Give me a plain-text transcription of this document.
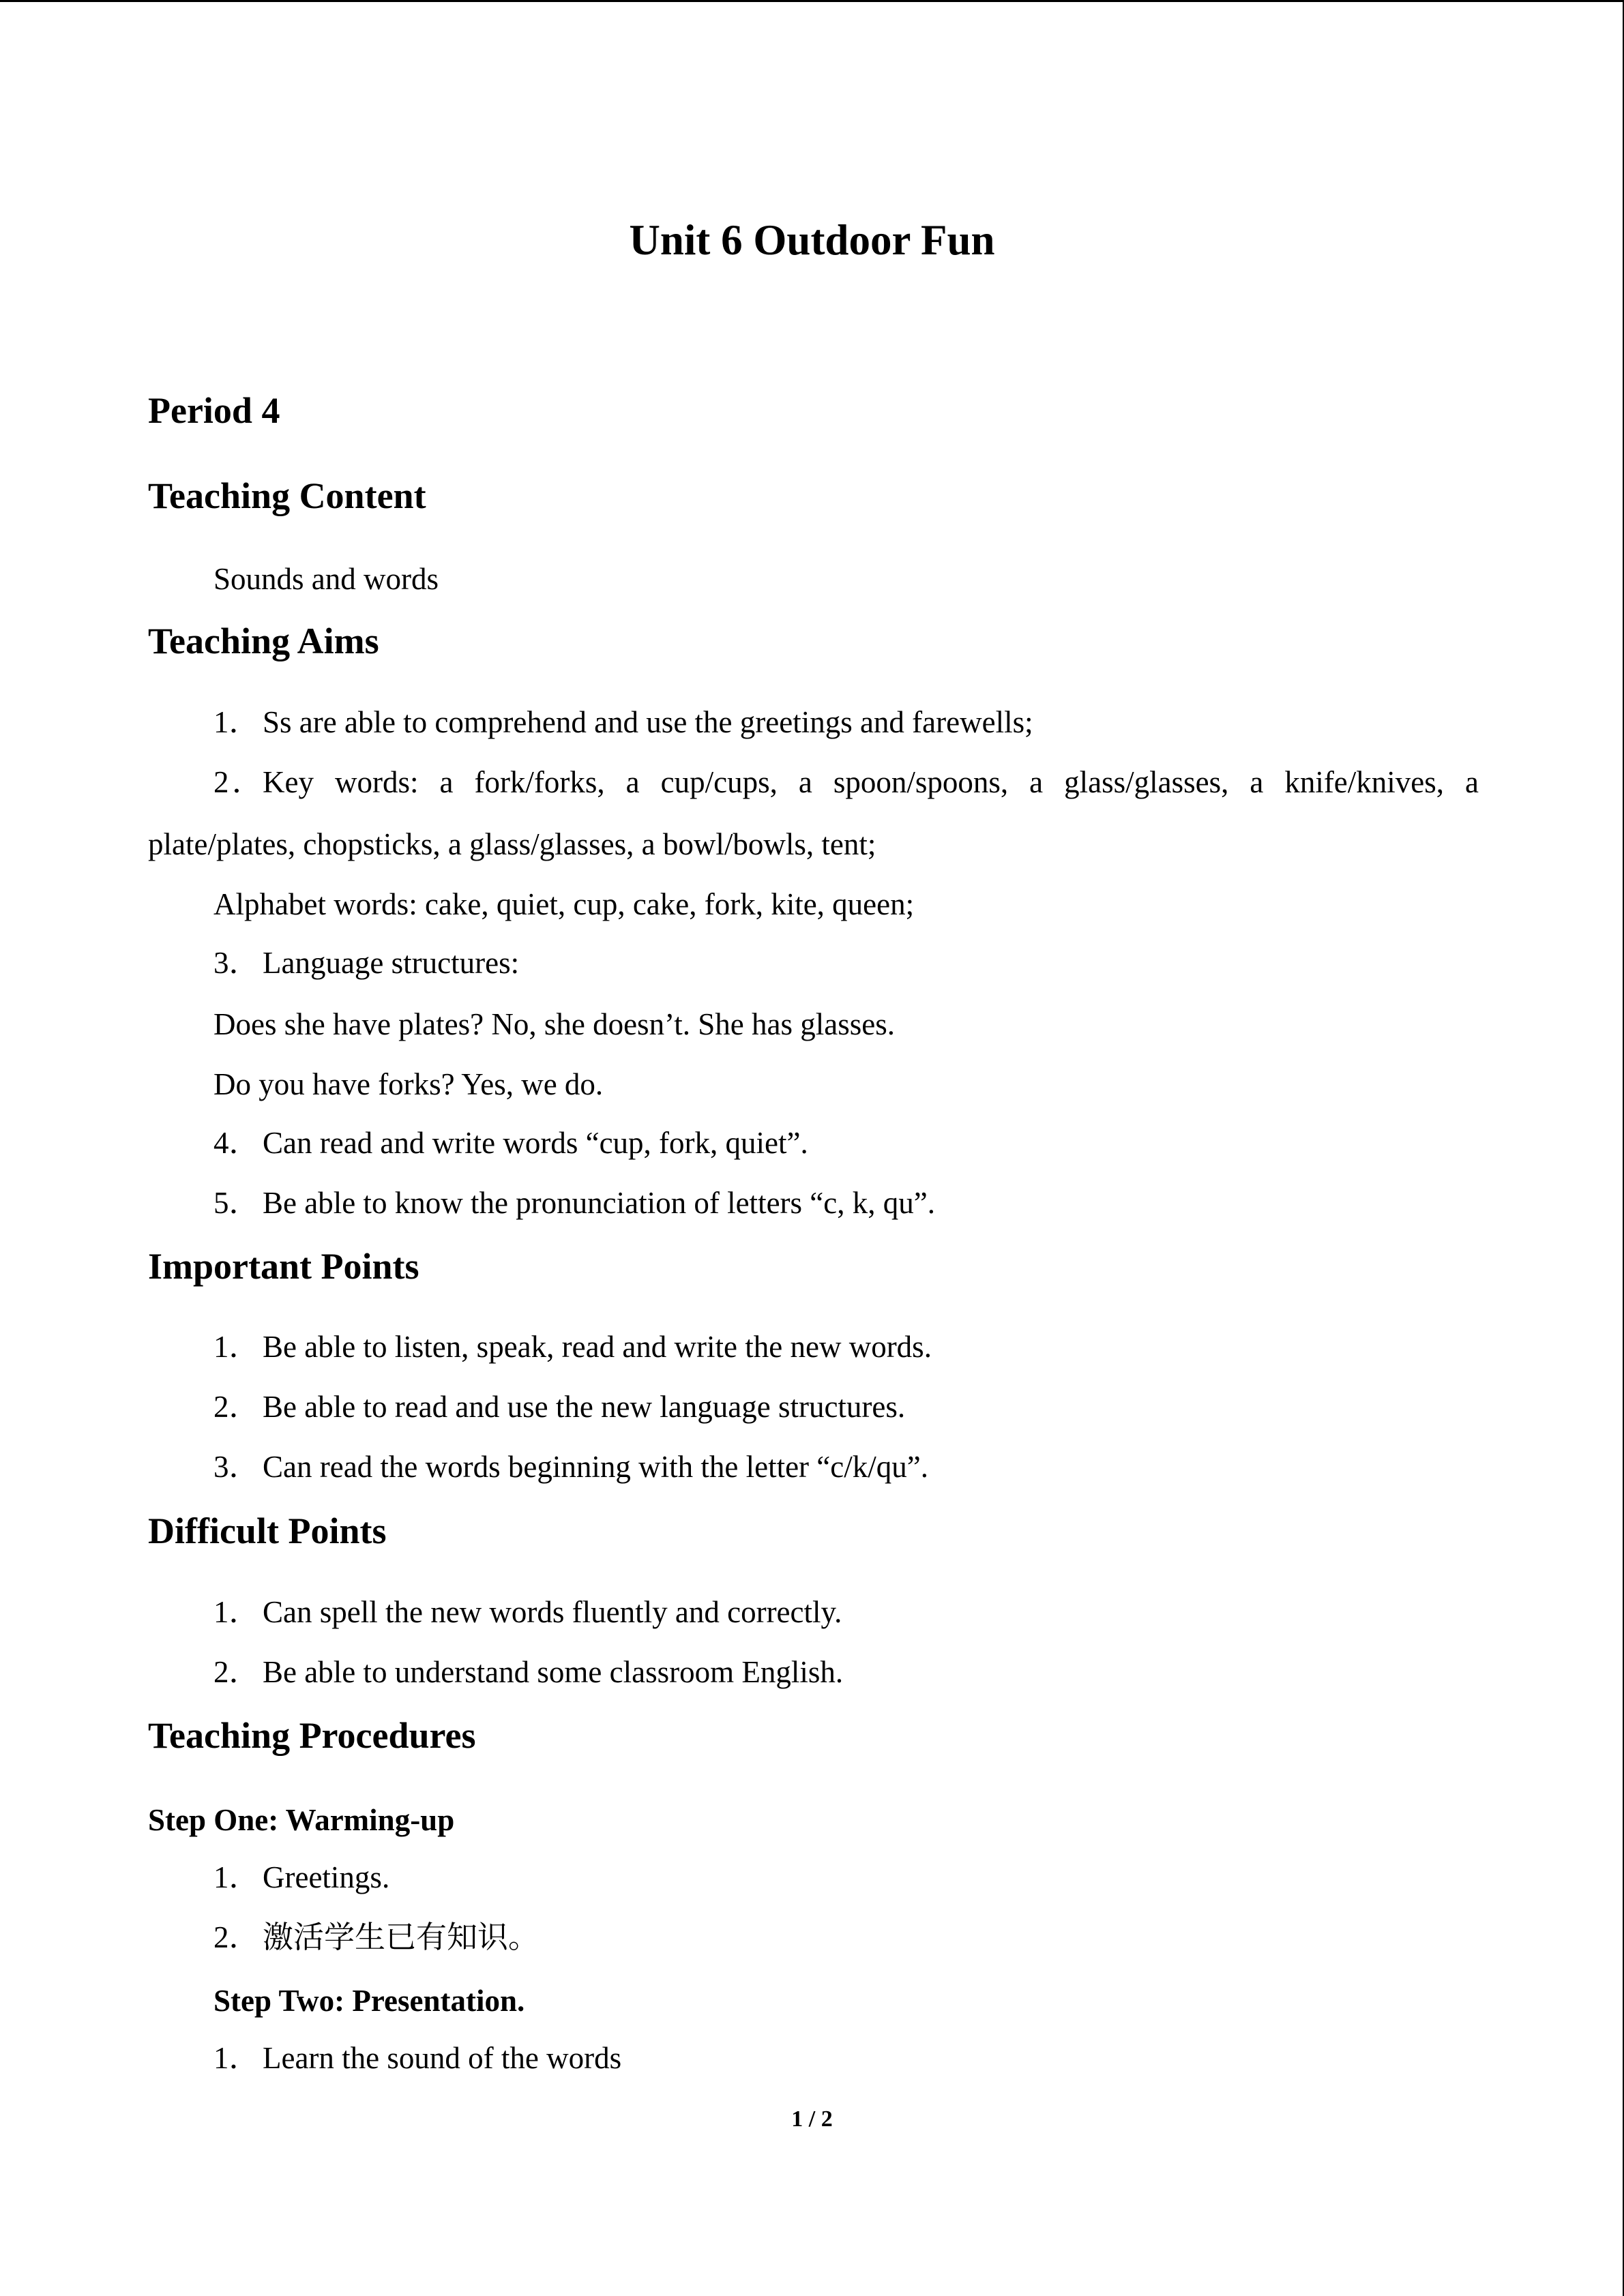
Unit 6 Outdoor Fun
Period 4
Teaching Content
Sounds and words
Teaching Aims
1．Ss are able to comprehend and use the greetings and farewells;
2．Key words: a fork/forks, a cup/cups, a spoon/spoons, a glass/glasses, a knife/knives, a
plate/plates, chopsticks, a glass/glasses, a bowl/bowls, tent;
Alphabet words: cake, quiet, cup, cake, fork, kite, queen;
3．Language structures:
Does she have plates? No, she doesn’t. She has glasses.
Do you have forks? Yes, we do.
4．Can read and write words “cup, fork, quiet”.
5．Be able to know the pronunciation of letters “c, k, qu”.
Important Points
1．Be able to listen, speak, read and write the new words.
2．Be able to read and use the new language structures.
3．Can read the words beginning with the letter “c/k/qu”.
Difficult Points
1．Can spell the new words fluently and correctly.
2．Be able to understand some classroom English.
Teaching Procedures
Step One: Warming-up
1．Greetings.
2．激活学生已有知识。
Step Two: Presentation.
1．Learn the sound of the words
1 / 2
